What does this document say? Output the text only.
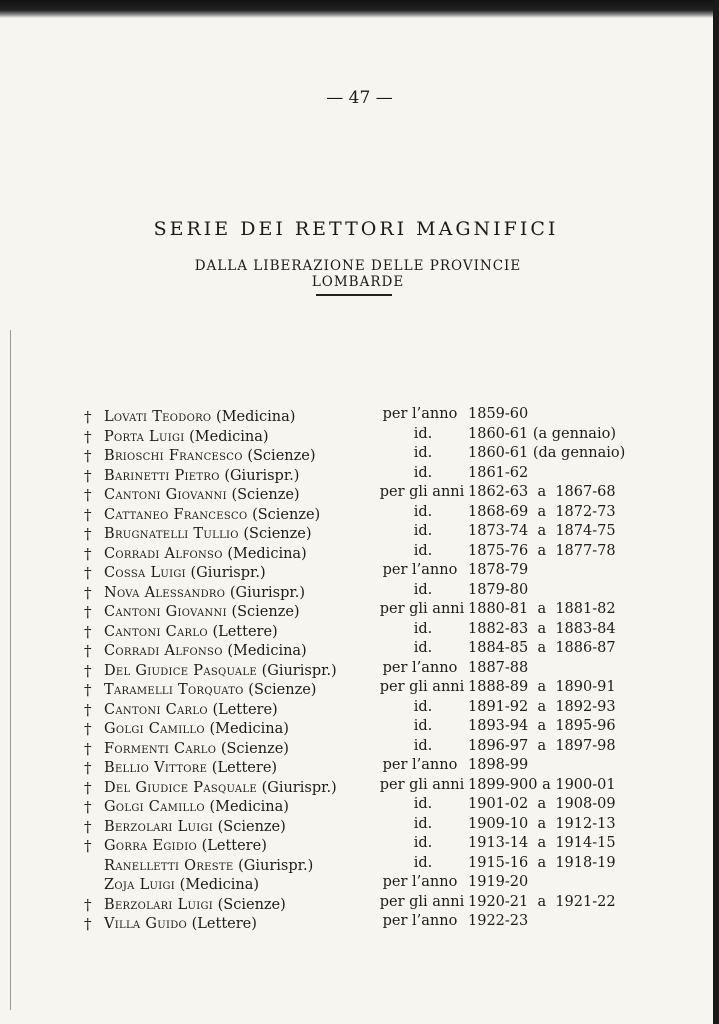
— 47 —
SERIE DEI RETTORI MAGNIFICI
DALLA LIBERAZIONE DELLE PROVINCIE LOMBARDE
† Lovati Teodoro (Medicina)	per l’anno 1859-60
† Porta Luigi (Medicina)	id.	1860-61 (a gennaio)
† Brioschi Francesco (Scienze)	id.	1860-61 (da gennaio)
† Barinetti Pietro (Giurispr.)	id.	1861-62
† Cantoni Giovanni (Scienze)	per gli anni 1862-63  a  1867-68
† Cattaneo Francesco (Scienze)	id.	1868-69  a  1872-73
† Brugnatelli Tullio (Scienze)	id.	1873-74  a  1874-75
† Corradi Alfonso (Medicina)	id.	1875-76  a  1877-78
† Cossa Luigi (Giurispr.)	per l’anno 1878-79
† Nova Alessandro (Giurispr.)	id.	1879-80
† Cantoni Giovanni (Scienze)	per gli anni 1880-81  a  1881-82
† Cantoni Carlo (Lettere)	id.	1882-83  a  1883-84
† Corradi Alfonso (Medicina)	id.	1884-85  a  1886-87
† Del Giudice Pasquale (Giurispr.)	per l’anno 1887-88
† Taramelli Torquato (Scienze)	per gli anni 1888-89  a  1890-91
† Cantoni Carlo (Lettere)	id.	1891-92  a  1892-93
† Golgi Camillo (Medicina)	id.	1893-94  a  1895-96
† Formenti Carlo (Scienze)	id.	1896-97  a  1897-98
† Bellio Vittore (Lettere)	per l’anno 1898-99
† Del Giudice Pasquale (Giurispr.)	per gli anni 1899-900 a 1900-01
† Golgi Camillo (Medicina)	id.	1901-02  a  1908-09
† Berzolari Luigi (Scienze)	id.	1909-10  a  1912-13
† Gorra Egidio (Lettere)	id.	1913-14  a  1914-15
Ranelletti Oreste (Giurispr.)	id.	1915-16  a  1918-19
Zoja Luigi (Medicina)	per l’anno 1919-20
† Berzolari Luigi (Scienze)	per gli anni 1920-21  a  1921-22
† Villa Guido (Lettere)	per l’anno 1922-23
